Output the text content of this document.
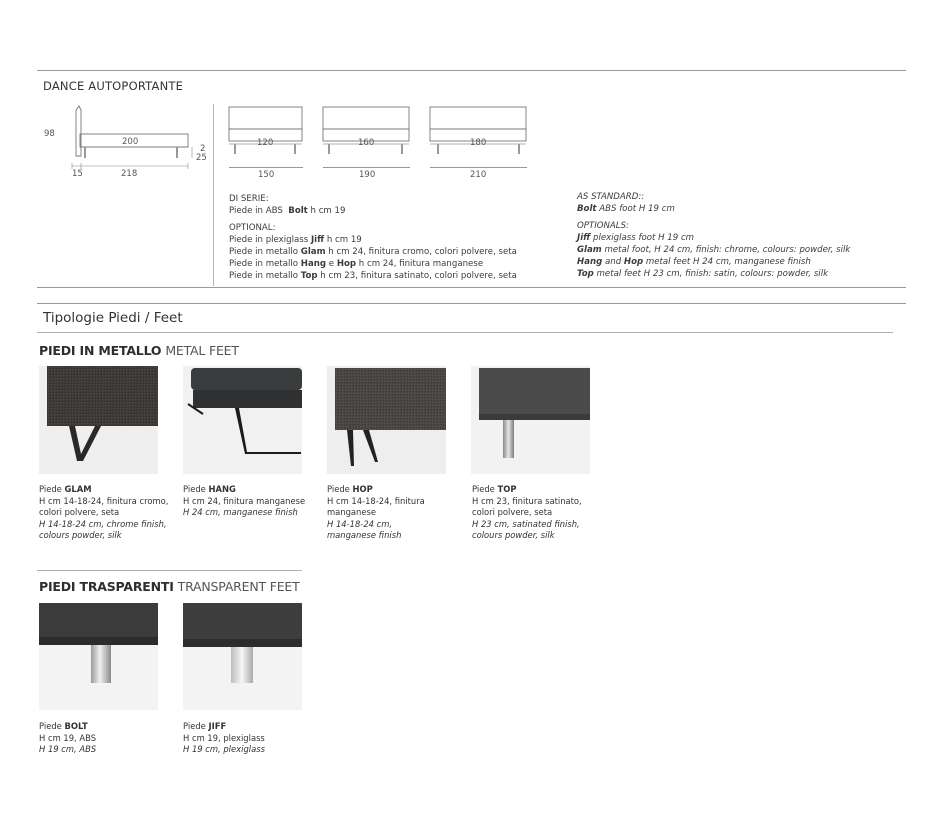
DANCE AUTOPORTANTE
98
200
2
25
15	218
120	160	180
150	190	210
DI SERIE:
Piede in ABS Bolt h cm 19
OPTIONAL:
Piede in plexiglass Jiff h cm 19
Piede in metallo Glam h cm 24, finitura cromo, colori polvere, seta
Piede in metallo Hang e Hop h cm 24, finitura manganese
Piede in metallo Top h cm 23, finitura satinato, colori polvere, seta
AS STANDARD::
Bolt ABS foot H 19 cm
OPTIONALS:
Jiff plexiglass foot H 19 cm
Glam metal foot, H 24 cm, finish: chrome, colours: powder, silk
Hang and Hop metal feet H 24 cm, manganese finish
Top metal feet H 23 cm, finish: satin, colours: powder, silk
Tipologie Piedi / Feet
PIEDI IN METALLO METAL FEET
Piede GLAM
H cm 14-18-24, finitura cromo,
colori polvere, seta
H 14-18-24 cm, chrome finish,
colours powder, silk
Piede HANG
H cm 24, finitura manganese
H 24 cm, manganese finish
Piede HOP
H cm 14-18-24, finitura
manganese
H 14-18-24 cm,
manganese finish
Piede TOP
H cm 23, finitura satinato,
colori polvere, seta
H 23 cm, satinated finish,
colours powder, silk
PIEDI TRASPARENTI TRANSPARENT FEET
Piede BOLT
H cm 19, ABS
H 19 cm, ABS
Piede JIFF
H cm 19, plexiglass
H 19 cm, plexiglass
